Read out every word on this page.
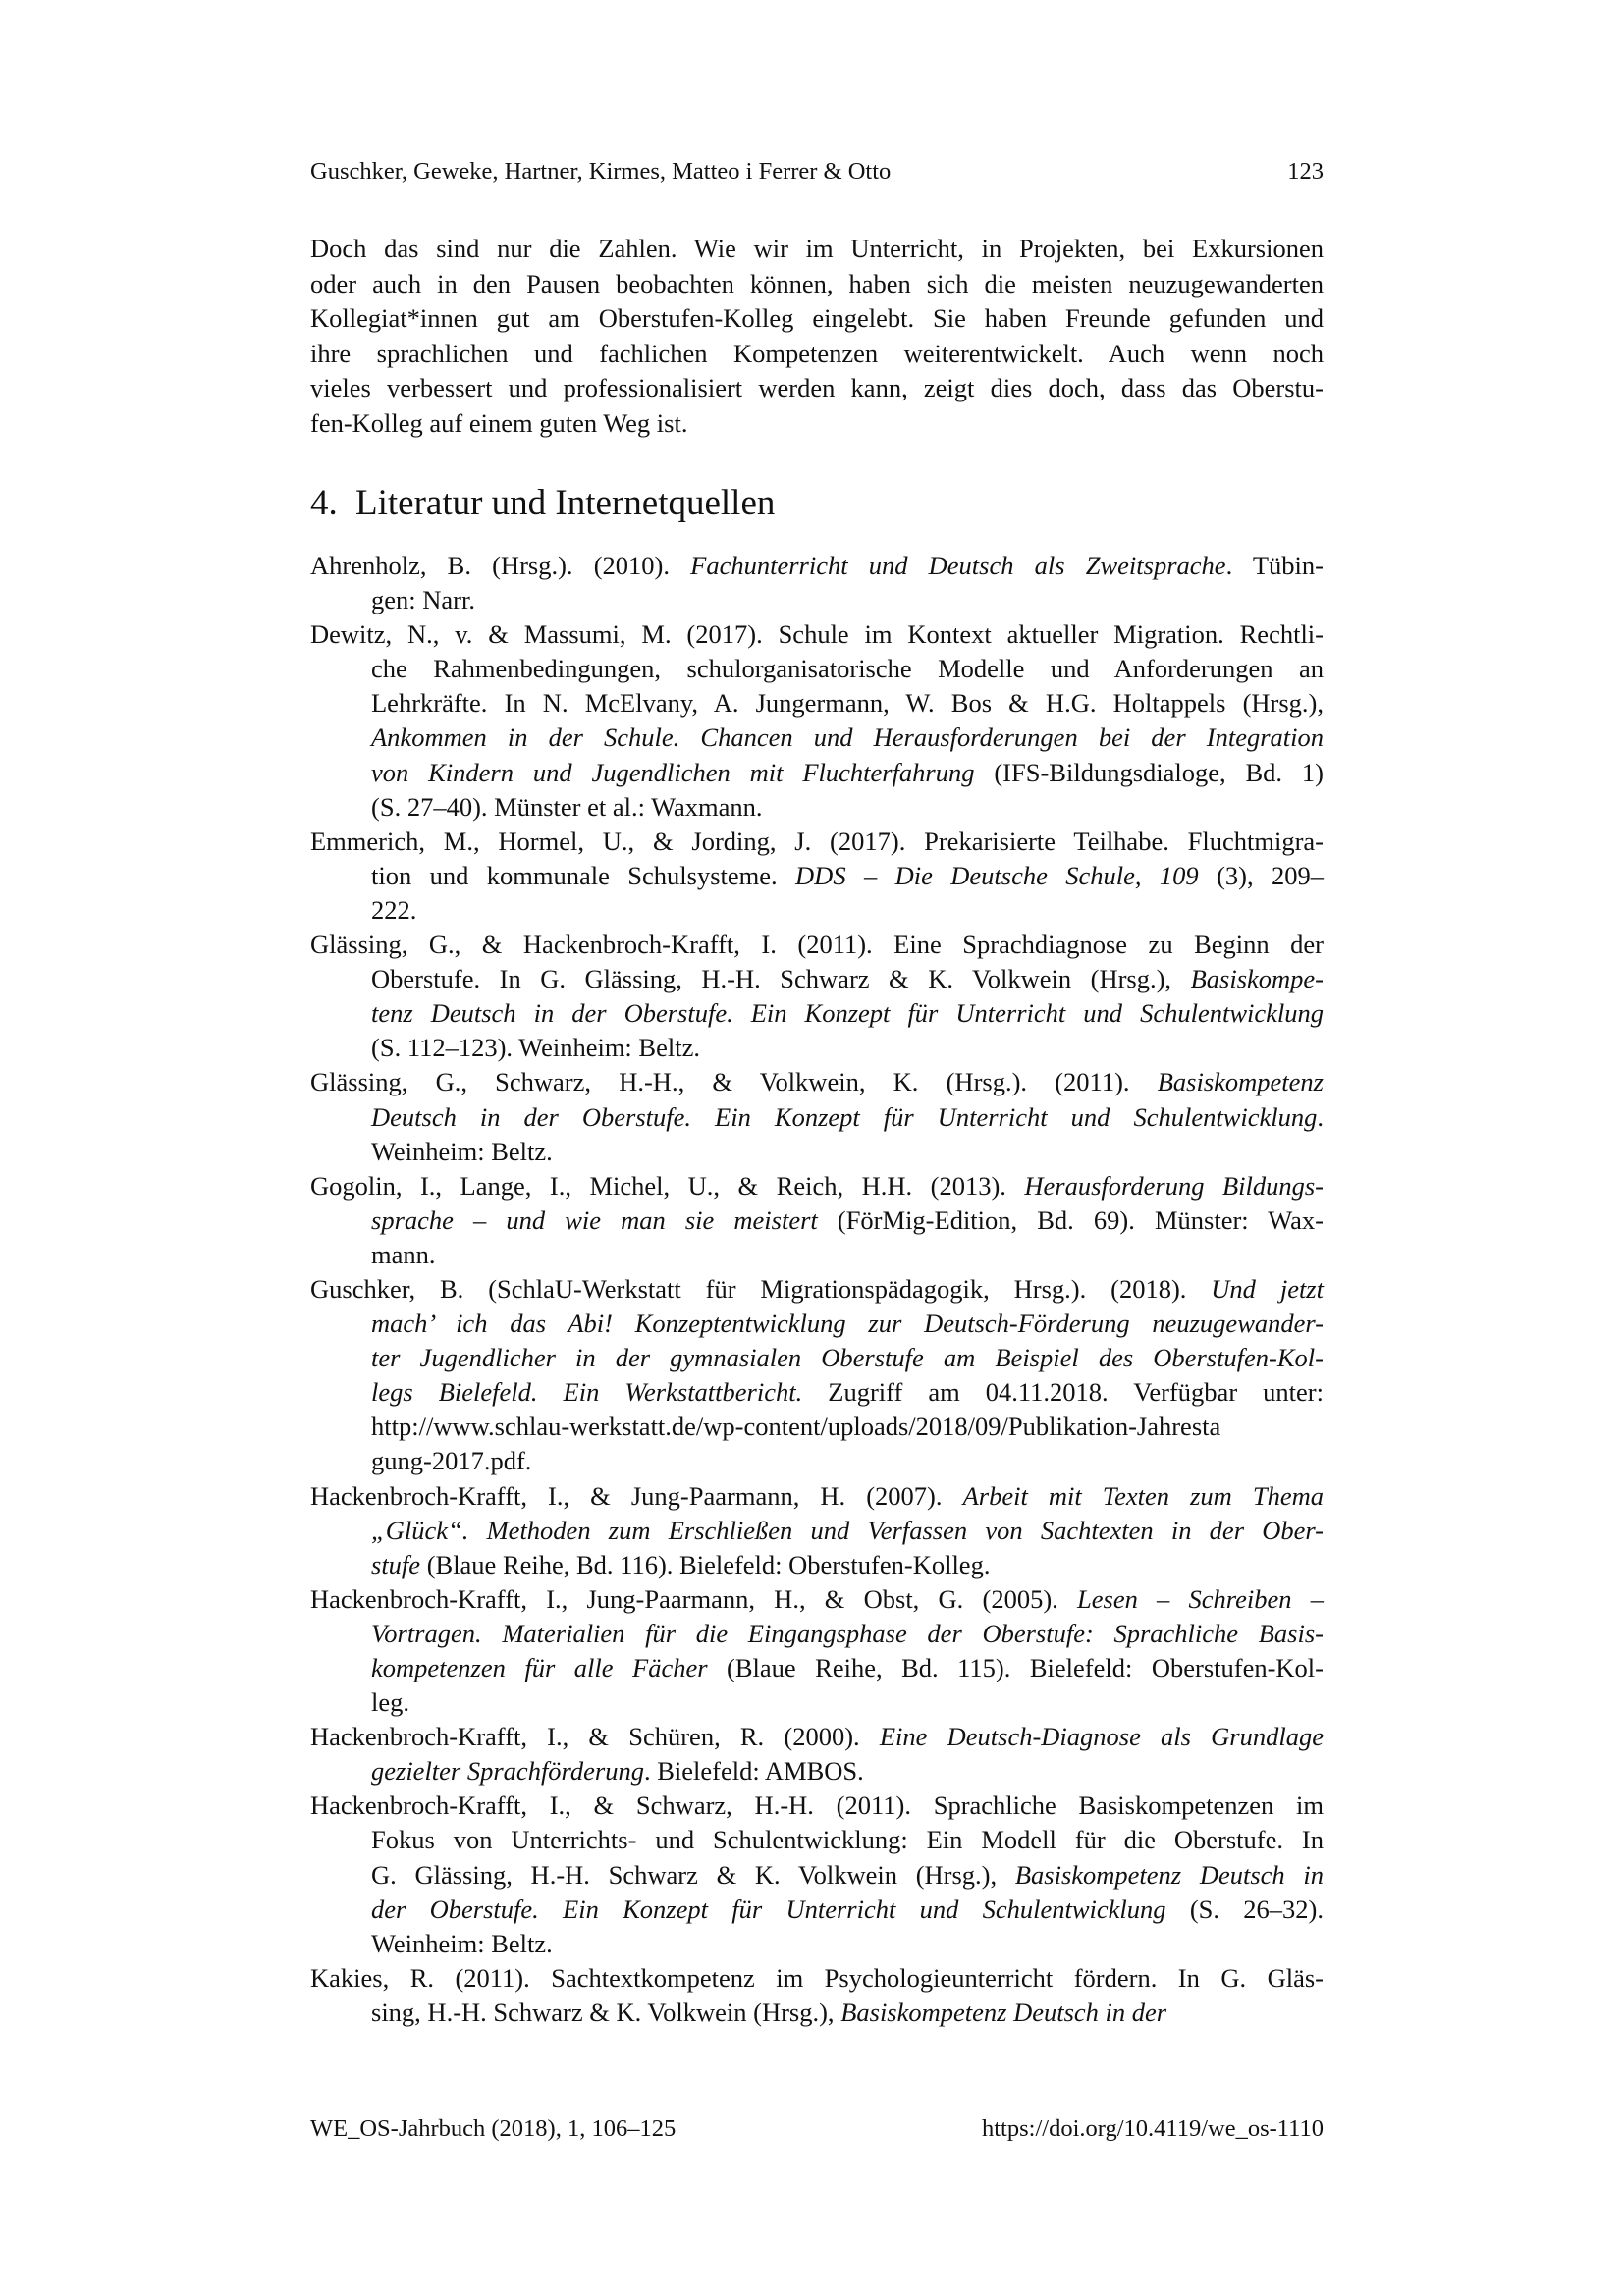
Guschker, Geweke, Hartner, Kirmes, Matteo i Ferrer & Otto	123
Doch das sind nur die Zahlen. Wie wir im Unterricht, in Projekten, bei Exkursionen
oder auch in den Pausen beobachten können, haben sich die meisten neuzugewanderten
Kollegiat*innen gut am Oberstufen-Kolleg eingelebt. Sie haben Freunde gefunden und
ihre sprachlichen und fachlichen Kompetenzen weiterentwickelt. Auch wenn noch
vieles verbessert und professionalisiert werden kann, zeigt dies doch, dass das Oberstu-
fen-Kolleg auf einem guten Weg ist.
4. Literatur und Internetquellen
Ahrenholz, B. (Hrsg.). (2010). Fachunterricht und Deutsch als Zweitsprache. Tübin-
gen: Narr.
Dewitz, N., v. & Massumi, M. (2017). Schule im Kontext aktueller Migration. Rechtli-
che Rahmenbedingungen, schulorganisatorische Modelle und Anforderungen an
Lehrkräfte. In N. McElvany, A. Jungermann, W. Bos & H.G. Holtappels (Hrsg.),
Ankommen in der Schule. Chancen und Herausforderungen bei der Integration
von Kindern und Jugendlichen mit Fluchterfahrung (IFS-Bildungsdialoge, Bd. 1)
(S. 27–40). Münster et al.: Waxmann.
Emmerich, M., Hormel, U., & Jording, J. (2017). Prekarisierte Teilhabe. Fluchtmigra-
tion und kommunale Schulsysteme. DDS – Die Deutsche Schule, 109 (3), 209–
222.
Glässing, G., & Hackenbroch-Krafft, I. (2011). Eine Sprachdiagnose zu Beginn der
Oberstufe. In G. Glässing, H.-H. Schwarz & K. Volkwein (Hrsg.), Basiskompe-
tenz Deutsch in der Oberstufe. Ein Konzept für Unterricht und Schulentwicklung
(S. 112–123). Weinheim: Beltz.
Glässing, G., Schwarz, H.-H., & Volkwein, K. (Hrsg.). (2011). Basiskompetenz
Deutsch in der Oberstufe. Ein Konzept für Unterricht und Schulentwicklung.
Weinheim: Beltz.
Gogolin, I., Lange, I., Michel, U., & Reich, H.H. (2013). Herausforderung Bildungs-
sprache – und wie man sie meistert (FörMig-Edition, Bd. 69). Münster: Wax-
mann.
Guschker, B. (SchlaU-Werkstatt für Migrationspädagogik, Hrsg.). (2018). Und jetzt
mach’ ich das Abi! Konzeptentwicklung zur Deutsch-Förderung neuzugewander-
ter Jugendlicher in der gymnasialen Oberstufe am Beispiel des Oberstufen-Kol-
legs Bielefeld. Ein Werkstattbericht. Zugriff am 04.11.2018. Verfügbar unter:
http://www.schlau-werkstatt.de/wp-content/uploads/2018/09/Publikation-Jahresta
gung-2017.pdf.
Hackenbroch-Krafft, I., & Jung-Paarmann, H. (2007). Arbeit mit Texten zum Thema
„Glück“. Methoden zum Erschließen und Verfassen von Sachtexten in der Ober-
stufe (Blaue Reihe, Bd. 116). Bielefeld: Oberstufen-Kolleg.
Hackenbroch-Krafft, I., Jung-Paarmann, H., & Obst, G. (2005). Lesen – Schreiben –
Vortragen. Materialien für die Eingangsphase der Oberstufe: Sprachliche Basis-
kompetenzen für alle Fächer (Blaue Reihe, Bd. 115). Bielefeld: Oberstufen-Kol-
leg.
Hackenbroch-Krafft, I., & Schüren, R. (2000). Eine Deutsch-Diagnose als Grundlage
gezielter Sprachförderung. Bielefeld: AMBOS.
Hackenbroch-Krafft, I., & Schwarz, H.-H. (2011). Sprachliche Basiskompetenzen im
Fokus von Unterrichts- und Schulentwicklung: Ein Modell für die Oberstufe. In
G. Glässing, H.-H. Schwarz & K. Volkwein (Hrsg.), Basiskompetenz Deutsch in
der Oberstufe. Ein Konzept für Unterricht und Schulentwicklung (S. 26–32).
Weinheim: Beltz.
Kakies, R. (2011). Sachtextkompetenz im Psychologieunterricht fördern. In G. Gläs-
sing, H.-H. Schwarz & K. Volkwein (Hrsg.), Basiskompetenz Deutsch in der
WE_OS-Jahrbuch (2018), 1, 106–125	https://doi.org/10.4119/we_os-1110
